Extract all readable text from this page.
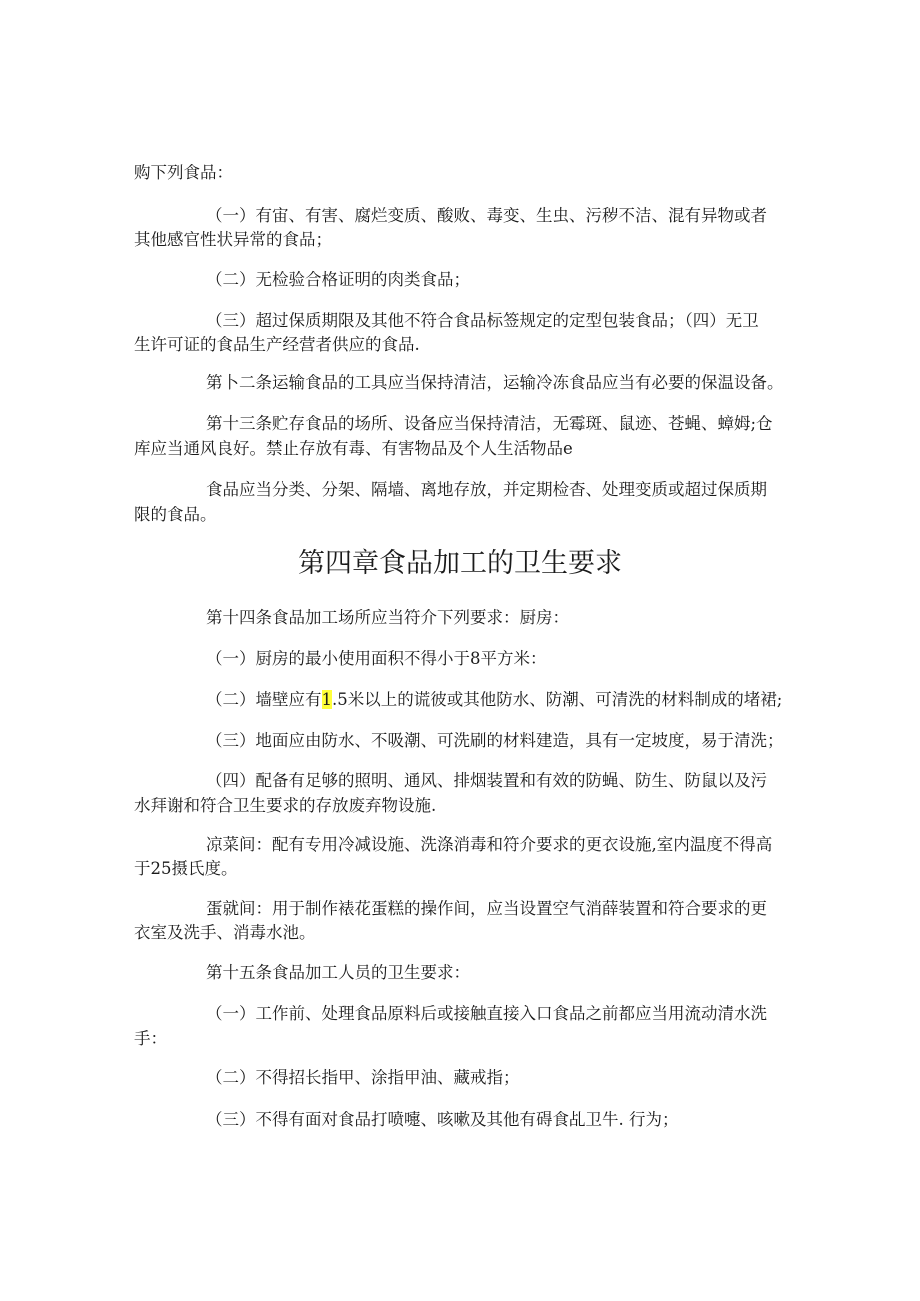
购下列食品：
（一）有宙、有害、腐烂变质、酸败、毒变、生虫、污秽不洁、混有异物或者
其他感官性状异常的食品；
（二）无检验合格证明的肉类食品；
（三）超过保质期限及其他不符合食品标签规定的定型包装食品；（四）无卫
生许可证的食品生产经营者供应的食品.
第卜二条运输食品的工具应当保持清洁，运输冷冻食品应当有必要的保温设备。
第十三条贮存食品的场所、设备应当保持清洁，无霉斑、鼠迹、苍蝇、蟑姆;仓
库应当通风良好。禁止存放有毒、有害物品及个人生活物品e
食品应当分类、分架、隔墙、离地存放，并定期检杳、处理变质或超过保质期
限的食品。
第四章食品加工的卫生要求
第十四条食品加工场所应当符介下列要求：厨房：
（一）厨房的最小使用面积不得小于8平方米：
（二）墙壁应有1.5米以上的谎彼或其他防水、防潮、可清洗的材料制成的堵裙;
（三）地面应由防水、不吸潮、可洗刷的材料建造，具有一定坡度，易于清洗；
（四）配备有足够的照明、通风、排烟装置和有效的防蝇、防生、防鼠以及污
水拜谢和符合卫生要求的存放废弃物设施.
凉菜间：配有专用冷减设施、洗涤消毒和符介要求的更衣设施,室内温度不得高
于25摄氏度。
蛋就间：用于制作裱花蛋糕的操作间，应当设置空气消薛装置和符合要求的更
衣室及洗手、消毒水池。
第十五条食品加工人员的卫生要求：
（一）工作前、处理食品原料后或接触直接入口食品之前都应当用流动清水洗
手：
（二）不得招长指甲、涂指甲油、藏戒指；
（三）不得有面对食品打喷嚏、咳嗽及其他有碍食乩卫牛. 行为；
